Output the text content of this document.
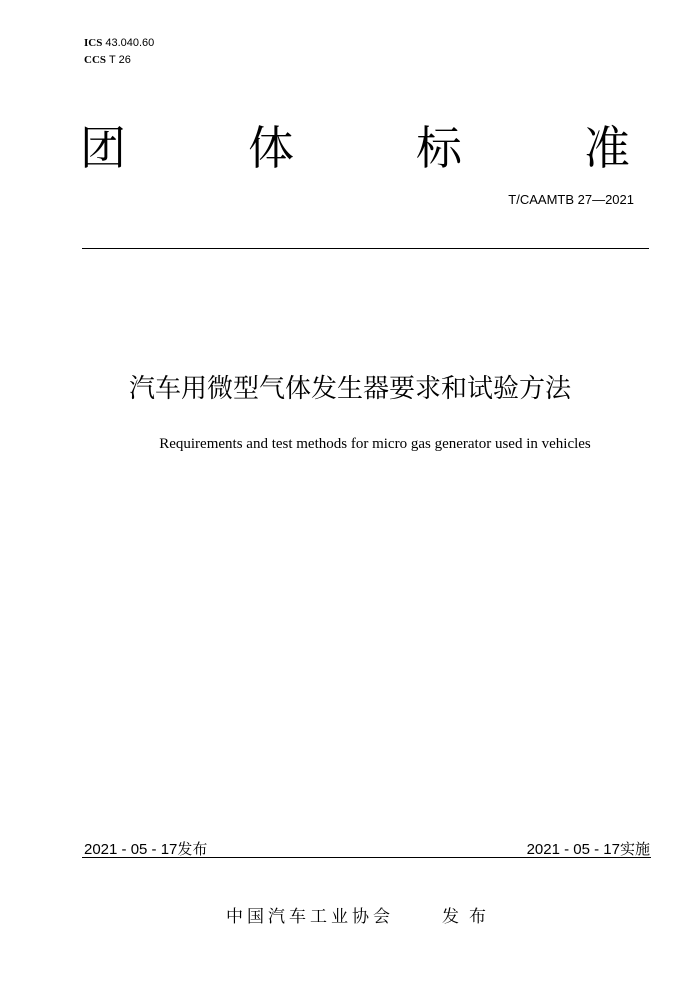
ICS 43.040.60
CCS T 26
团	体	标	准
T/CAAMTB 27—2021
汽车用微型气体发生器要求和试验方法
Requirements and test methods for micro gas generator used in vehicles
2021 - 05 - 17发布	2021 - 05 - 17实施
中国汽车工业协会	发布
